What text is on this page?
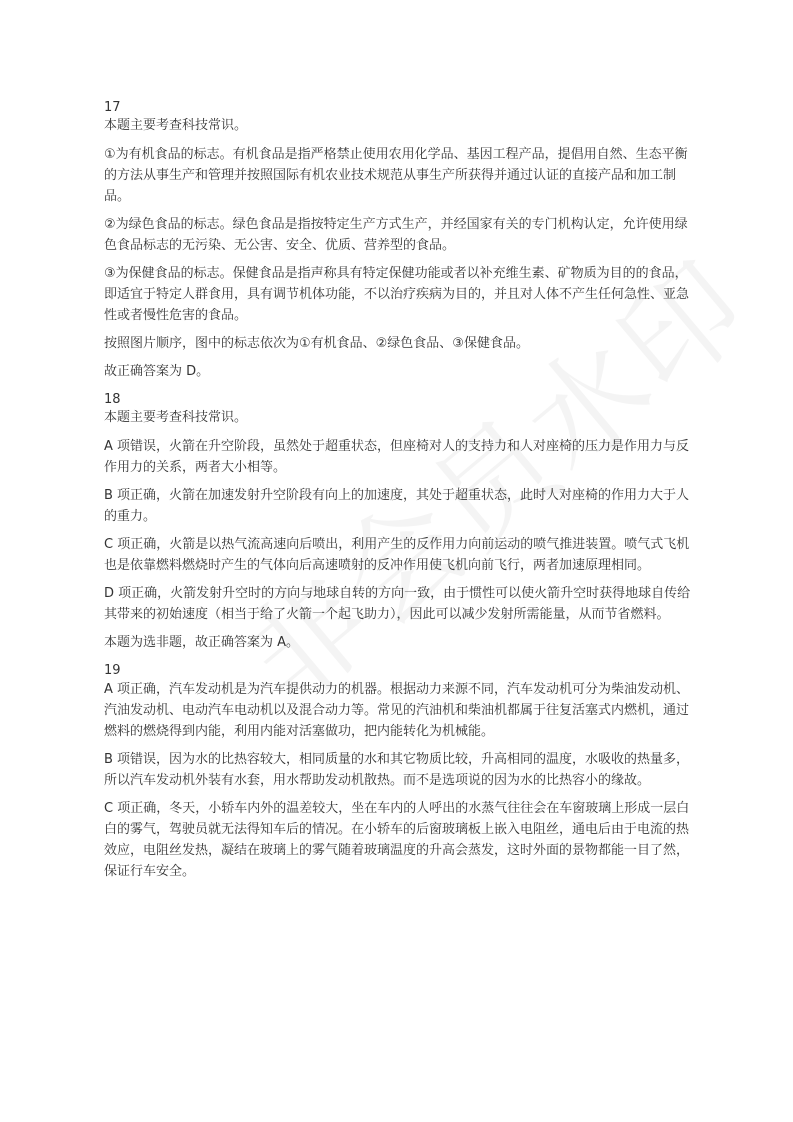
17

本题主要考查科技常识。

①为有机食品的标志。有机食品是指严格禁止使用农用化学品、基因工程产品，提倡用自然、生态平衡的方法从事生产和管理并按照国际有机农业技术规范从事生产所获得并通过认证的直接产品和加工制品。

②为绿色食品的标志。绿色食品是指按特定生产方式生产，并经国家有关的专门机构认定，允许使用绿色食品标志的无污染、无公害、安全、优质、营养型的食品。

③为保健食品的标志。保健食品是指声称具有特定保健功能或者以补充维生素、矿物质为目的的食品，即适宜于特定人群食用，具有调节机体功能，不以治疗疾病为目的，并且对人体不产生任何急性、亚急性或者慢性危害的食品。

按照图片顺序，图中的标志依次为①有机食品、②绿色食品、③保健食品。

故正确答案为 D。

18

本题主要考查科技常识。

A 项错误，火箭在升空阶段，虽然处于超重状态，但座椅对人的支持力和人对座椅的压力是作用力与反作用力的关系，两者大小相等。

B 项正确，火箭在加速发射升空阶段有向上的加速度，其处于超重状态，此时人对座椅的作用力大于人的重力。

C 项正确，火箭是以热气流高速向后喷出，利用产生的反作用力向前运动的喷气推进装置。喷气式飞机也是依靠燃料燃烧时产生的气体向后高速喷射的反冲作用使飞机向前飞行，两者加速原理相同。

D 项正确，火箭发射升空时的方向与地球自转的方向一致，由于惯性可以使火箭升空时获得地球自传给其带来的初始速度（相当于给了火箭一个起飞助力），因此可以减少发射所需能量，从而节省燃料。

本题为选非题，故正确答案为 A。

19

A 项正确，汽车发动机是为汽车提供动力的机器。根据动力来源不同，汽车发动机可分为柴油发动机、汽油发动机、电动汽车电动机以及混合动力等。常见的汽油机和柴油机都属于往复活塞式内燃机，通过燃料的燃烧得到内能，利用内能对活塞做功，把内能转化为机械能。

B 项错误，因为水的比热容较大，相同质量的水和其它物质比较，升高相同的温度，水吸收的热量多，所以汽车发动机外装有水套，用水帮助发动机散热。而不是选项说的因为水的比热容小的缘故。

C 项正确，冬天，小轿车内外的温差较大，坐在车内的人呼出的水蒸气往往会在车窗玻璃上形成一层白白的雾气，驾驶员就无法得知车后的情况。在小轿车的后窗玻璃板上嵌入电阻丝，通电后由于电流的热效应，电阻丝发热，凝结在玻璃上的雾气随着玻璃温度的升高会蒸发，这时外面的景物都能一目了然，保证行车安全。
